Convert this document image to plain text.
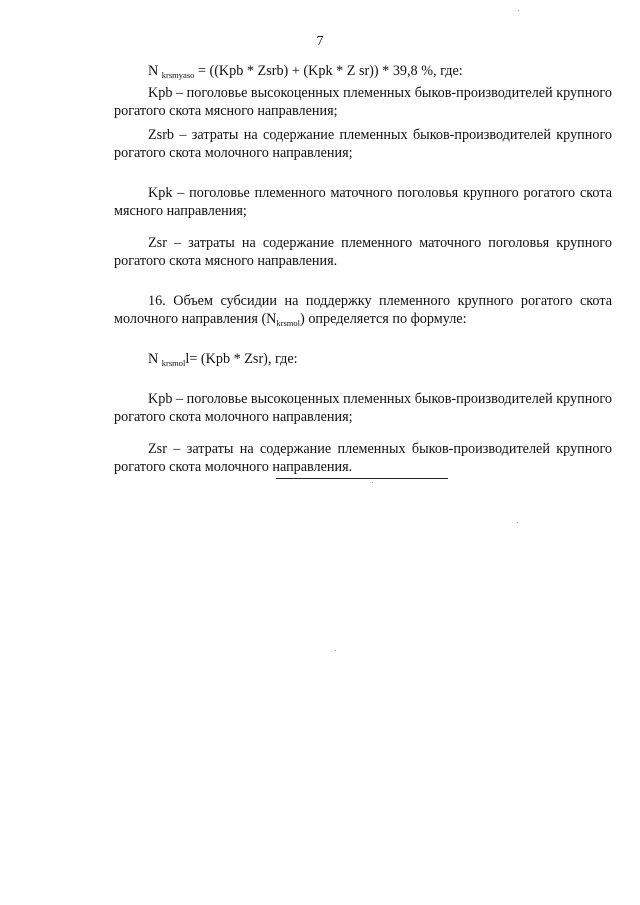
7

N $_{krsmyaso}$ = ((Kpb * Zsrb) + (Kpk * Z sr)) * 39,8 %, где:

Kpb – поголовье высокоценных племенных быков-производителей крупного рогатого скота мясного направления;

Zsrb – затраты на содержание племенных быков-производителей крупного рогатого скота молочного направления;

Kpk – поголовье племенного маточного поголовья крупного рогатого скота мясного направления;

Zsr – затраты на содержание племенного маточного поголовья крупного рогатого скота мясного направления.

16. Объем субсидии на поддержку племенного крупного рогатого скота молочного направления $(N_{krsmol})$ определяется по формуле:

N $_{krsmol}$l= (Kpb * Zsr), где:

Kpb – поголовье высокоценных племенных быков-производителей крупного рогатого скота молочного направления;

Zsr – затраты на содержание племенных быков-производителей крупного рогатого скота молочного направления.
